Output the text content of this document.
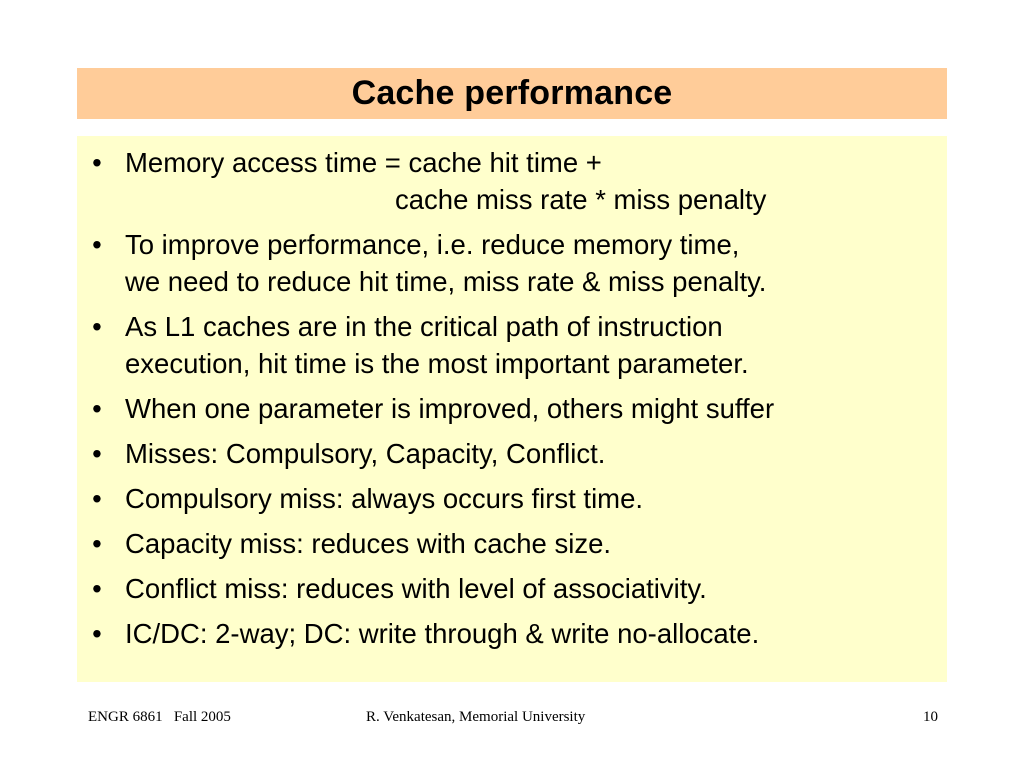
Cache performance
• Memory access time = cache hit time +
cache miss rate * miss penalty
• To improve performance, i.e. reduce memory time,
we need to reduce hit time, miss rate & miss penalty.
• As L1 caches are in the critical path of instruction
execution, hit time is the most important parameter.
• When one parameter is improved, others might suffer
• Misses: Compulsory, Capacity, Conflict.
• Compulsory miss: always occurs first time.
• Capacity miss: reduces with cache size.
• Conflict miss: reduces with level of associativity.
• IC/DC: 2-way; DC: write through & write no-allocate.
ENGR 6861   Fall 2005	R. Venkatesan, Memorial University	10
